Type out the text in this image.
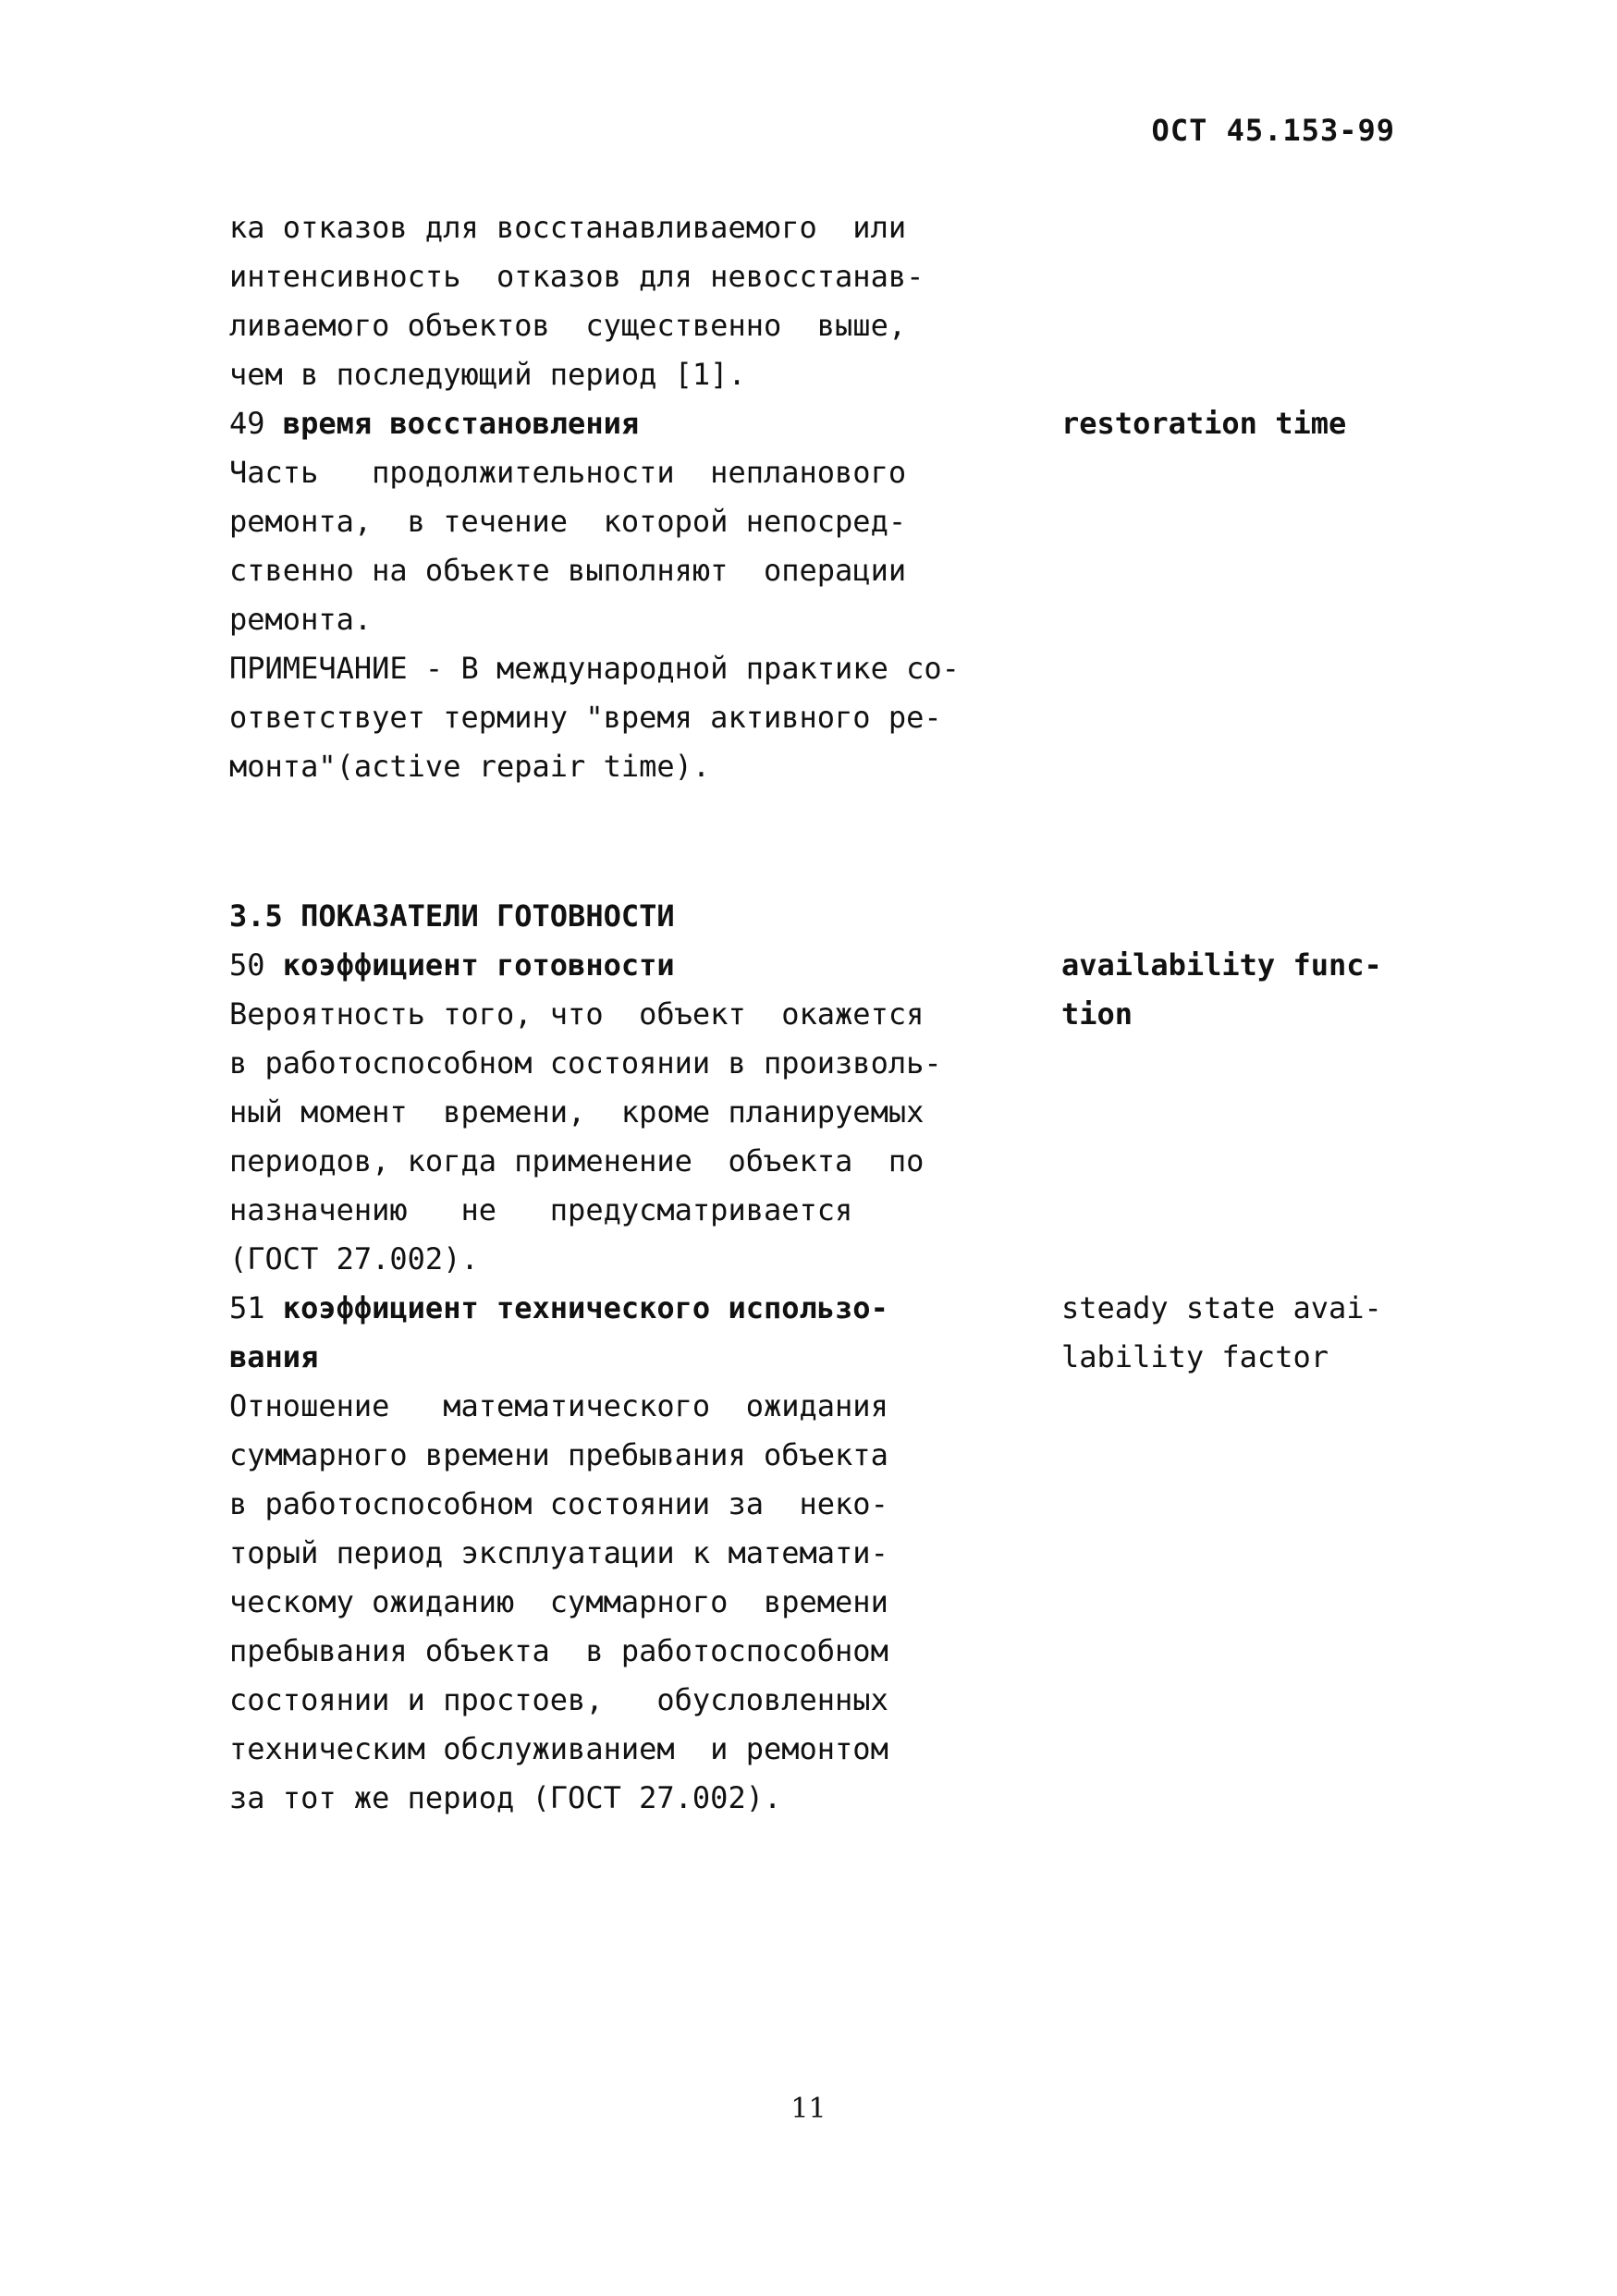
ОСТ 45.153-99
ка отказов для восстанавливаемого  или
интенсивность  отказов для невосстанав-
ливаемого объектов  существенно  выше,
чем в последующий период [1].
49 время восстановления	restoration time
Часть   продолжительности  непланового
ремонта,  в течение  которой непосред-
ственно на объекте выполняют  операции
ремонта.
ПРИМЕЧАНИЕ - В международной практике со-
ответствует термину "время активного ре-
монта"(active repair time).
3.5 ПОКАЗАТЕЛИ ГОТОВНОСТИ
50 коэффициент готовности	availability func-
tion
Вероятность того, что  объект  окажется
в работоспособном состоянии в произволь-
ный момент  времени,  кроме планируемых
периодов, когда применение  объекта  по
назначению   не   предусматривается
(ГОСТ 27.002).
51 коэффициент технического использо-
вания
steady state avai-
lability factor
Отношение   математического  ожидания
суммарного времени пребывания объекта
в работоспособном состоянии за  неко-
торый период эксплуатации к математи-
ческому ожиданию  суммарного  времени
пребывания объекта  в работоспособном
состоянии и простоев,   обусловленных
техническим обслуживанием  и ремонтом
за тот же период (ГОСТ 27.002).
11
